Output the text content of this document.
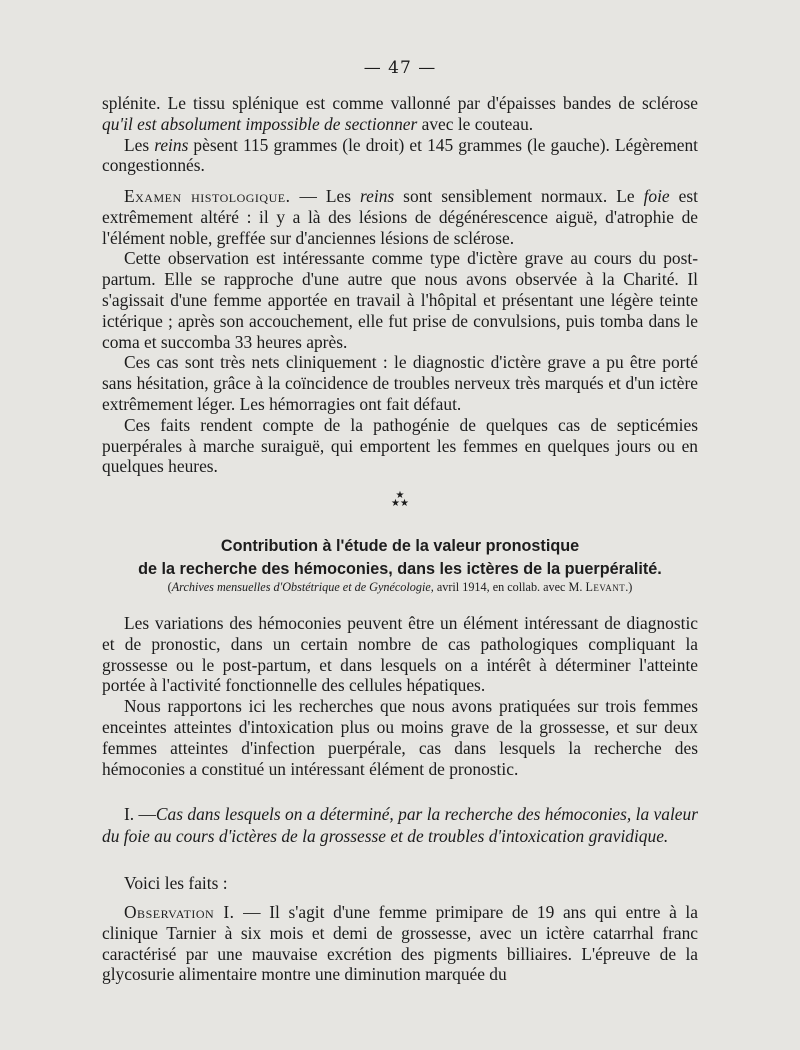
— 47 —

splénite. Le tissu splénique est comme vallonné par d'épaisses bandes de sclérose qu'il est absolument impossible de sectionner avec le couteau.

Les reins pèsent 115 grammes (le droit) et 145 grammes (le gauche). Légèrement congestionnés.

Examen histologique. — Les reins sont sensiblement normaux. Le foie est extrêmement altéré : il y a là des lésions de dégénérescence aiguë, d'atrophie de l'élément noble, greffée sur d'anciennes lésions de sclérose.

Cette observation est intéressante comme type d'ictère grave au cours du post-partum. Elle se rapproche d'une autre que nous avons observée à la Charité. Il s'agissait d'une femme apportée en travail à l'hôpital et présentant une légère teinte ictérique ; après son accouchement, elle fut prise de convulsions, puis tomba dans le coma et succomba 33 heures après.

Ces cas sont très nets cliniquement : le diagnostic d'ictère grave a pu être porté sans hésitation, grâce à la coïncidence de troubles nerveux très marqués et d'un ictère extrêmement léger. Les hémorragies ont fait défaut.

Ces faits rendent compte de la pathogénie de quelques cas de septicémies puerpérales à marche suraiguë, qui emportent les femmes en quelques jours ou en quelques heures.

★
★★
Contribution à l'étude de la valeur pronostique
de la recherche des hémoconies, dans les ictères de la puerpéralité.
(Archives mensuelles d'Obstétrique et de Gynécologie, avril 1914, en collab. avec M. Levant.)

Les variations des hémoconies peuvent être un élément intéressant de diagnostic et de pronostic, dans un certain nombre de cas pathologiques compliquant la grossesse ou le post-partum, et dans lesquels on a intérêt à déterminer l'atteinte portée à l'activité fonctionnelle des cellules hépatiques.

Nous rapportons ici les recherches que nous avons pratiquées sur trois femmes enceintes atteintes d'intoxication plus ou moins grave de la grossesse, et sur deux femmes atteintes d'infection puerpérale, cas dans lesquels la recherche des hémoconies a constitué un intéressant élément de pronostic.

I. —Cas dans lesquels on a déterminé, par la recherche des hémoconies, la valeur du foie au cours d'ictères de la grossesse et de troubles d'intoxication gravidique.

Voici les faits :

Observation I. — Il s'agit d'une femme primipare de 19 ans qui entre à la clinique Tarnier à six mois et demi de grossesse, avec un ictère catarrhal franc caractérisé par une mauvaise excrétion des pigments billiaires. L'épreuve de la glycosurie alimentaire montre une diminution marquée du
